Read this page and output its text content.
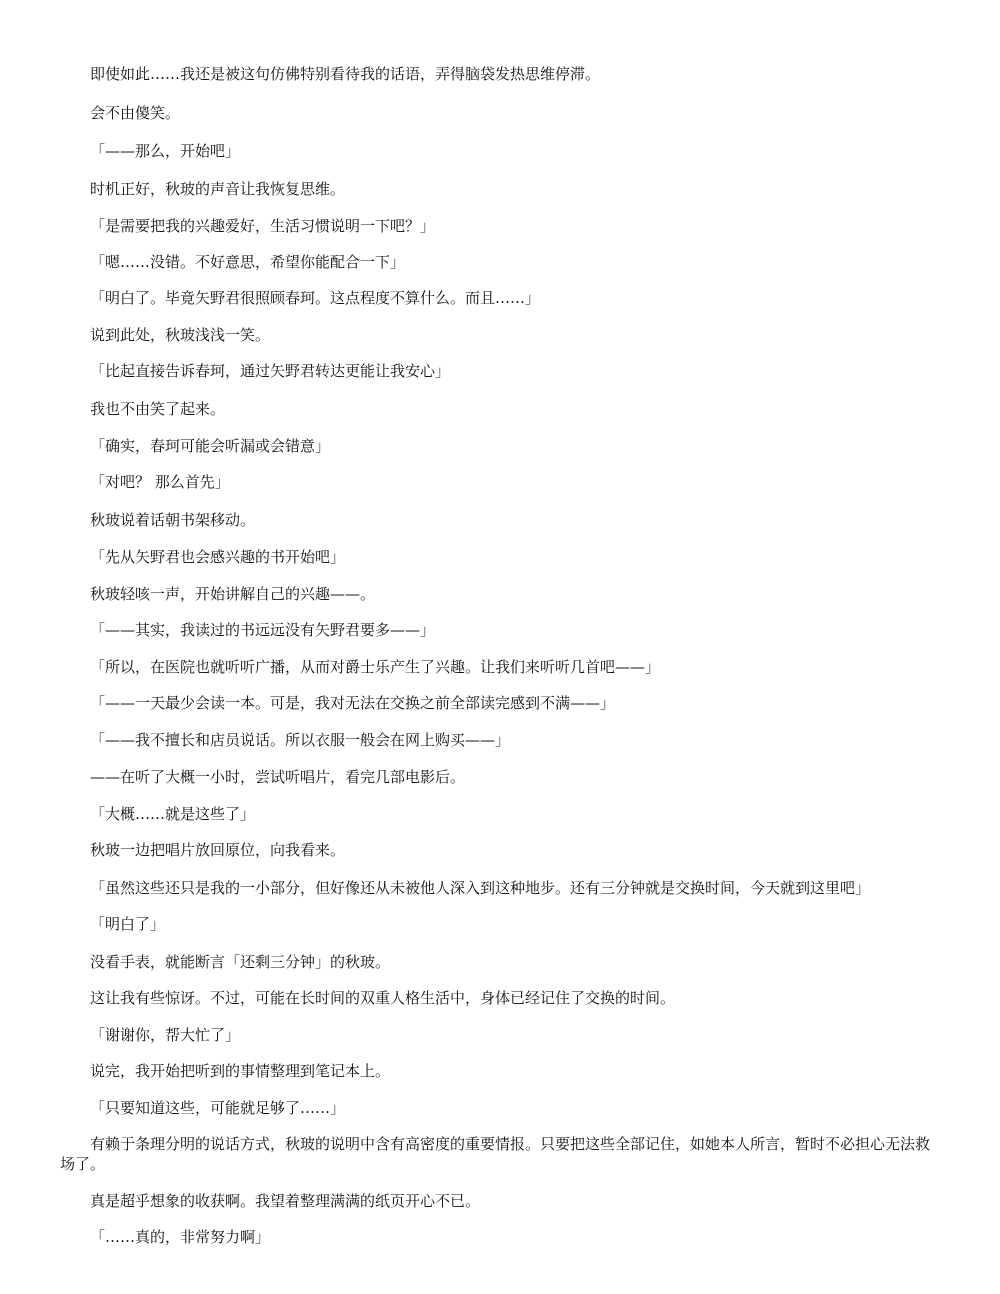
即使如此……我还是被这句仿佛特别看待我的话语，弄得脑袋发热思维停滞。

会不由傻笑。

「——那么，开始吧」

时机正好，秋玻的声音让我恢复思维。

「是需要把我的兴趣爱好，生活习惯说明一下吧？」

「嗯……没错。不好意思，希望你能配合一下」

「明白了。毕竟矢野君很照顾春珂。这点程度不算什么。而且……」

说到此处，秋玻浅浅一笑。

「比起直接告诉春珂，通过矢野君转达更能让我安心」

我也不由笑了起来。

「确实，春珂可能会听漏或会错意」

「对吧？ 那么首先」

秋玻说着话朝书架移动。

「先从矢野君也会感兴趣的书开始吧」

秋玻轻咳一声，开始讲解自己的兴趣——。

「——其实，我读过的书远远没有矢野君要多——」

「所以，在医院也就听听广播，从而对爵士乐产生了兴趣。让我们来听听几首吧——」

「——一天最少会读一本。可是，我对无法在交换之前全部读完感到不满——」

「——我不擅长和店员说话。所以衣服一般会在网上购买——」

——在听了大概一小时，尝试听唱片，看完几部电影后。

「大概……就是这些了」

秋玻一边把唱片放回原位，向我看来。

「虽然这些还只是我的一小部分，但好像还从未被他人深入到这种地步。还有三分钟就是交换时间，今天就到这里吧」

「明白了」

没看手表，就能断言「还剩三分钟」的秋玻。

这让我有些惊讶。不过，可能在长时间的双重人格生活中，身体已经记住了交换的时间。

「谢谢你，帮大忙了」

说完，我开始把听到的事情整理到笔记本上。

「只要知道这些，可能就足够了……」

有赖于条理分明的说话方式，秋玻的说明中含有高密度的重要情报。只要把这些全部记住，如她本人所言，暂时不必担心无法救场了。

真是超乎想象的收获啊。我望着整理满满的纸页开心不已。

「……真的，非常努力啊」
